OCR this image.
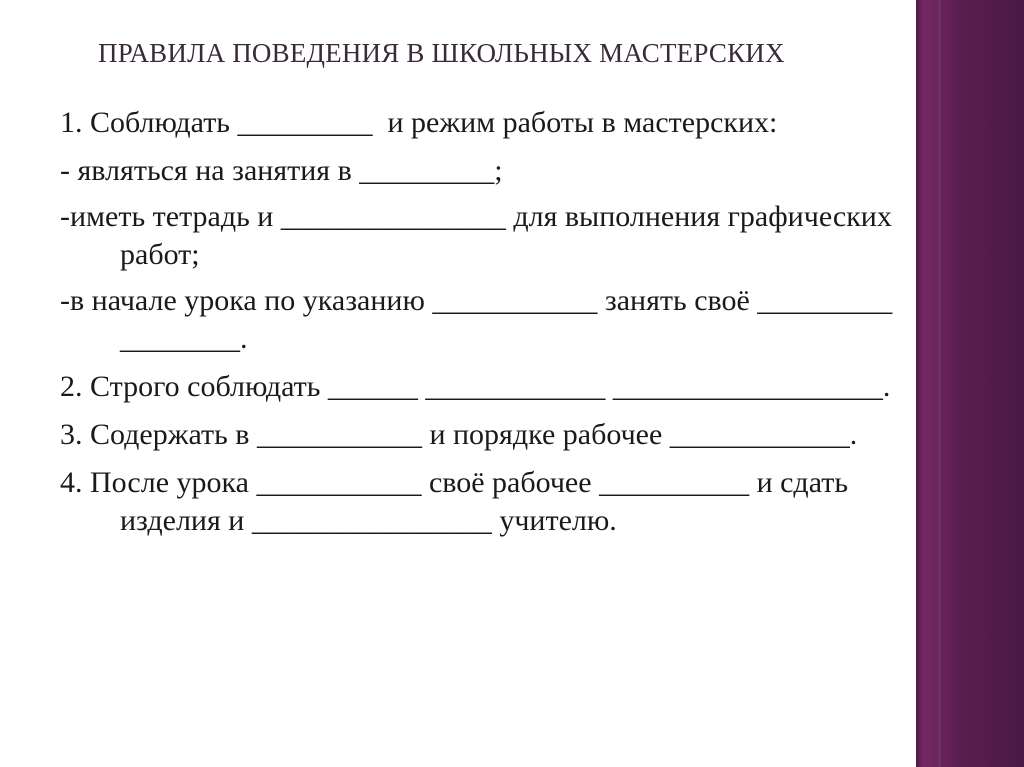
ПРАВИЛА ПОВЕДЕНИЯ В ШКОЛЬНЫХ МАСТЕРСКИХ

1. Соблюдать _________  и режим работы в мастерских:

- являться на занятия в _________;

-иметь тетрадь и _______________ для выполнения графических работ;

-в начале урока по указанию ___________ занять своё _________ ________.

2. Строго соблюдать ______ ____________ __________________.

3. Содержать в ___________ и порядке рабочее ____________.

4. После урока ___________ своё рабочее __________ и сдать изделия и ________________ учителю.
